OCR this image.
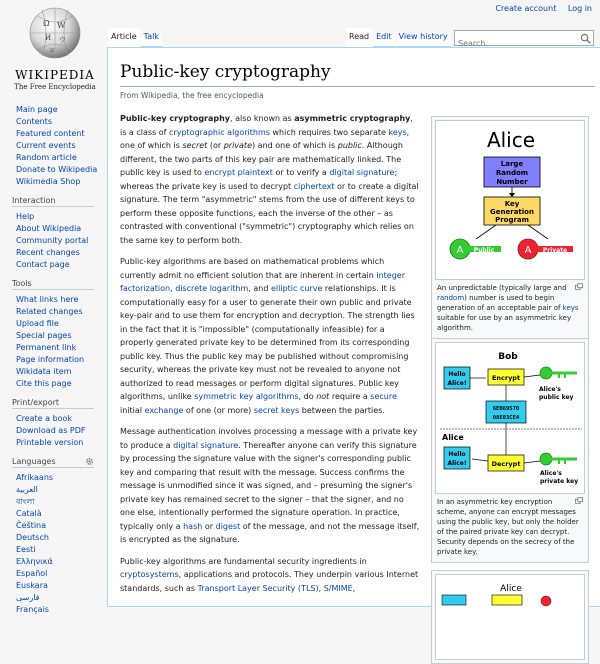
Create account Log in
Ω W
И ウ
ש
WIKIPEDIA
The Free Encyclopedia
Article Talk	Read Edit View history
Search
Main page
Contents
Featured content
Current events
Random article
Donate to Wikipedia
Wikimedia Shop
Interaction
Help
About Wikipedia
Community portal
Recent changes
Contact page
Tools
What links here
Related changes
Upload file
Special pages
Permanent link
Page information
Wikidata item
Cite this page
Print/export
Create a book
Download as PDF
Printable version
Languages
Afrikaans
العربية
বাংলা
Català
Čeština
Deutsch
Eesti
Ελληνικά
Español
Euskara
فارسی
Français
Public-key cryptography
From Wikipedia, the free encyclopedia

Public-key cryptography, also known as asymmetric cryptography, is a class of cryptographic algorithms which requires two separate keys, one of which is secret (or private) and one of which is public. Although different, the two parts of this key pair are mathematically linked. The public key is used to encrypt plaintext or to verify a digital signature; whereas the private key is used to decrypt ciphertext or to create a digital signature. The term "asymmetric" stems from the use of different keys to perform these opposite functions, each the inverse of the other – as contrasted with conventional ("symmetric") cryptography which relies on the same key to perform both.

Public-key algorithms are based on mathematical problems which currently admit no efficient solution that are inherent in certain integer factorization, discrete logarithm, and elliptic curve relationships. It is computationally easy for a user to generate their own public and private key-pair and to use them for encryption and decryption. The strength lies in the fact that it is "impossible" (computationally infeasible) for a properly generated private key to be determined from its corresponding public key. Thus the public key may be published without compromising security, whereas the private key must not be revealed to anyone not authorized to read messages or perform digital signatures. Public key algorithms, unlike symmetric key algorithms, do not require a secure initial exchange of one (or more) secret keys between the parties.

Message authentication involves processing a message with a private key to produce a digital signature. Thereafter anyone can verify this signature by processing the signature value with the signer's corresponding public key and comparing that result with the message. Success confirms the message is unmodified since it was signed, and – presuming the signer's private key has remained secret to the signer – that the signer, and no one else, intentionally performed the signature operation. In practice, typically only a hash or digest of the message, and not the message itself, is encrypted as the signature.

Public-key algorithms are fundamental security ingredients in cryptosystems, applications and protocols. They underpin various Internet standards, such as Transport Layer Security (TLS), S/MIME,

Alice
Large
Random
Number
Key
Generation
Program
A Public	A Private
An unpredictable (typically large and random) number is used to begin generation of an acceptable pair of keys suitable for use by an asymmetric key algorithm.
Bob
Hello
Alice!
Encrypt
Alice's
public key
6EB69570
08E03CE4
Alice
Hello
Alice!	Decrypt
Alice's
private key
In an asymmetric key encryption scheme, anyone can encrypt messages using the public key, but only the holder of the paired private key can decrypt. Security depends on the secrecy of the private key.
Alice
